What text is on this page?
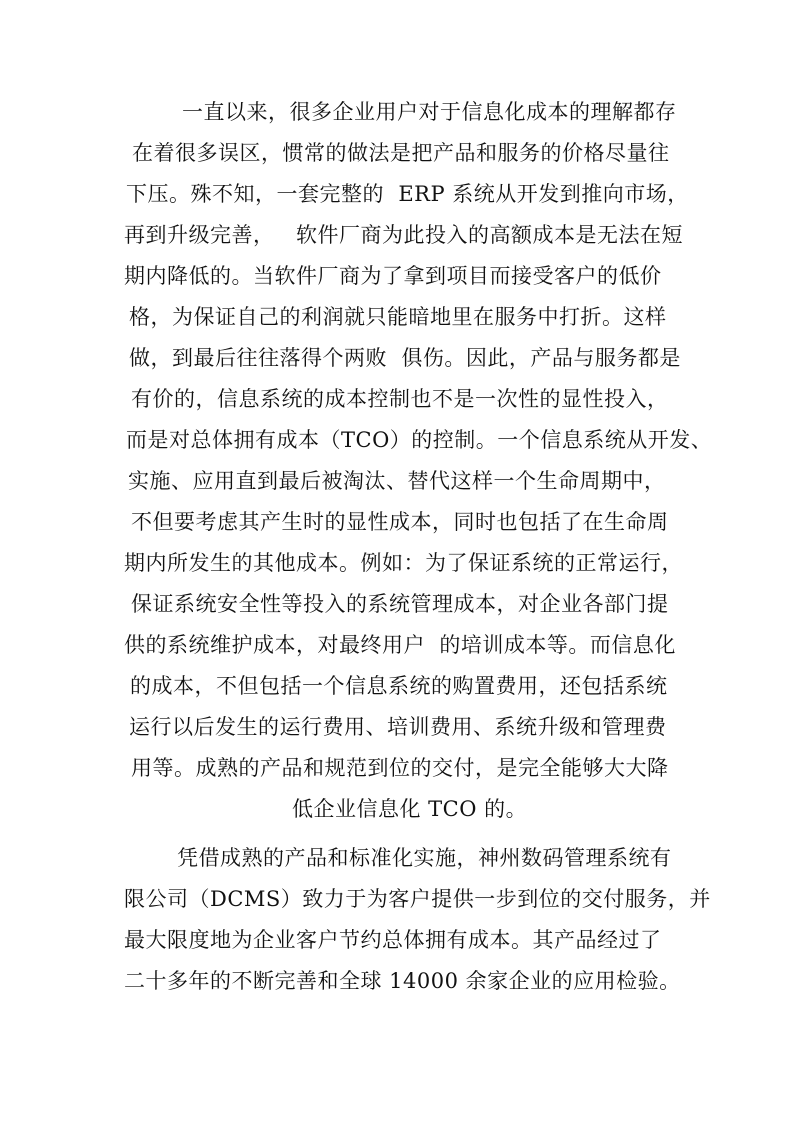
一直以来，很多企业用户对于信息化成本的理解都存
在着很多误区，惯常的做法是把产品和服务的价格尽量往
下压。殊不知，一套完整的  ERP 系统从开发到推向市场，
再到升级完善，   软件厂商为此投入的高额成本是无法在短
期内降低的。当软件厂商为了拿到项目而接受客户的低价
格，为保证自己的利润就只能暗地里在服务中打折。这样
做，到最后往往落得个两败  俱伤。因此，产品与服务都是
有价的，信息系统的成本控制也不是一次性的显性投入，
而是对总体拥有成本（TCO）的控制。一个信息系统从开发、
实施、应用直到最后被淘汰、替代这样一个生命周期中，
不但要考虑其产生时的显性成本，同时也包括了在生命周
期内所发生的其他成本。例如：为了保证系统的正常运行，
保证系统安全性等投入的系统管理成本，对企业各部门提
供的系统维护成本，对最终用户  的培训成本等。而信息化
的成本，不但包括一个信息系统的购置费用，还包括系统
运行以后发生的运行费用、培训费用、系统升级和管理费
用等。成熟的产品和规范到位的交付，是完全能够大大降
低企业信息化 TCO 的。
凭借成熟的产品和标准化实施，神州数码管理系统有
限公司（DCMS）致力于为客户提供一步到位的交付服务，并
最大限度地为企业客户节约总体拥有成本。其产品经过了
二十多年的不断完善和全球 14000 余家企业的应用检验。
